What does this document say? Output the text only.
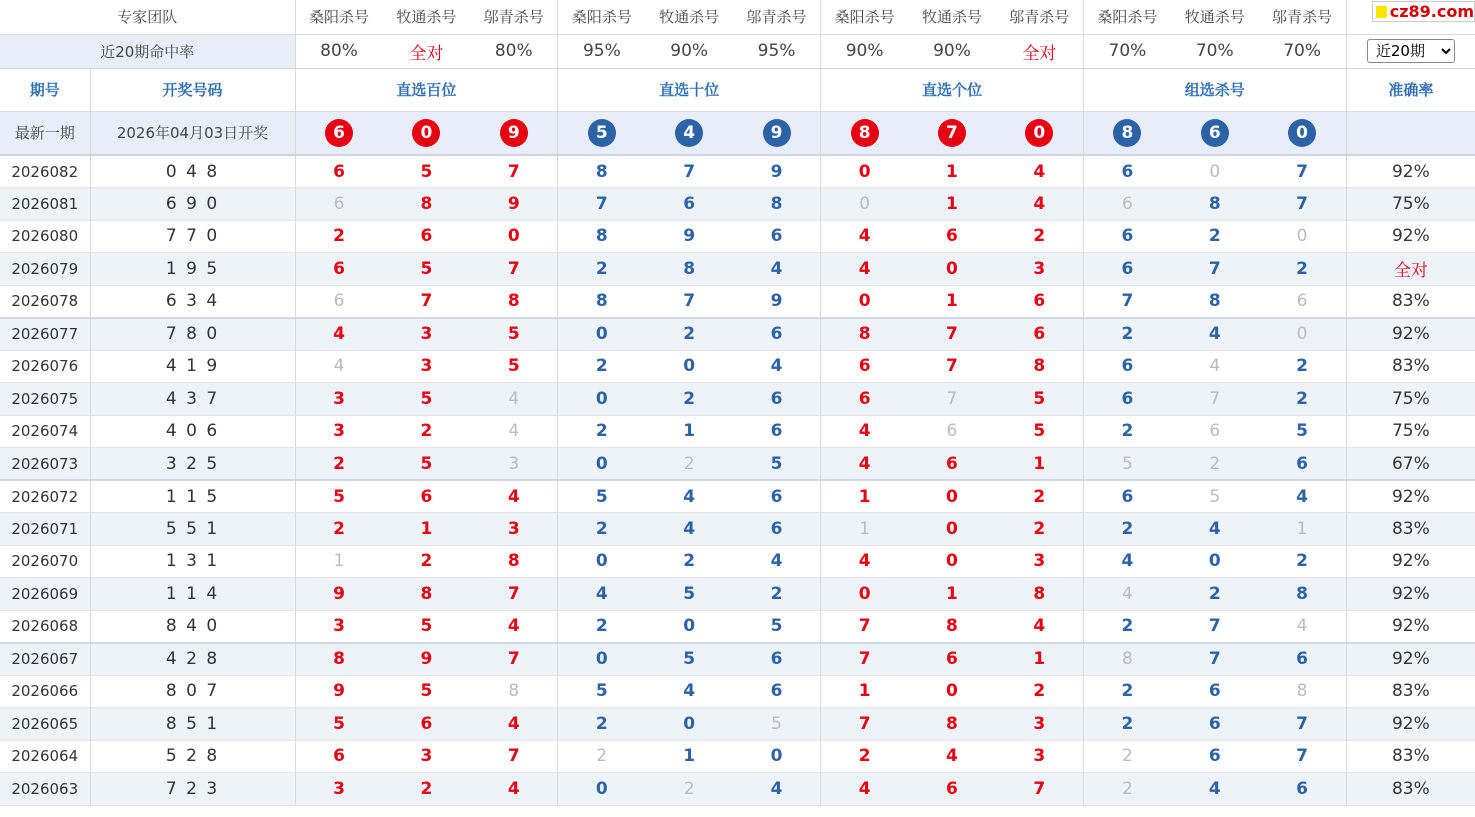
cz89.com
专家团队		桑阳杀号	牧通杀号	邬青杀号	桑阳杀号	牧通杀号	邬青杀号	桑阳杀号	牧通杀号	邬青杀号	桑阳杀号	牧通杀号	邬青杀号	
近20期命中率		80%	全对	80%	95%	90%	95%	90%	90%	全对	70%	70%	70%	
近20期
期号	开奖号码	直选百位			直选十位			直选个位			组选杀号			准确率
最新一期	2026年04月03日开奖	6	0	9	5	4	9	8	7	0	8	6	0	
2026082	0 4 8	6	5	7	8	7	9	0	1	4	6	0	7	92%
2026081	6 9 0	6	8	9	7	6	8	0	1	4	6	8	7	75%
2026080	7 7 0	2	6	0	8	9	6	4	6	2	6	2	0	92%
2026079	1 9 5	6	5	7	2	8	4	4	0	3	6	7	2	全对
2026078	6 3 4	6	7	8	8	7	9	0	1	6	7	8	6	83%
2026077	7 8 0	4	3	5	0	2	6	8	7	6	2	4	0	92%
2026076	4 1 9	4	3	5	2	0	4	6	7	8	6	4	2	83%
2026075	4 3 7	3	5	4	0	2	6	6	7	5	6	7	2	75%
2026074	4 0 6	3	2	4	2	1	6	4	6	5	2	6	5	75%
2026073	3 2 5	2	5	3	0	2	5	4	6	1	5	2	6	67%
2026072	1 1 5	5	6	4	5	4	6	1	0	2	6	5	4	92%
2026071	5 5 1	2	1	3	2	4	6	1	0	2	2	4	1	83%
2026070	1 3 1	1	2	8	0	2	4	4	0	3	4	0	2	92%
2026069	1 1 4	9	8	7	4	5	2	0	1	8	4	2	8	92%
2026068	8 4 0	3	5	4	2	0	5	7	8	4	2	7	4	92%
2026067	4 2 8	8	9	7	0	5	6	7	6	1	8	7	6	92%
2026066	8 0 7	9	5	8	5	4	6	1	0	2	2	6	8	83%
2026065	8 5 1	5	6	4	2	0	5	7	8	3	2	6	7	92%
2026064	5 2 8	6	3	7	2	1	0	2	4	3	2	6	7	83%
2026063	7 2 3	3	2	4	0	2	4	4	6	7	2	4	6	83%
